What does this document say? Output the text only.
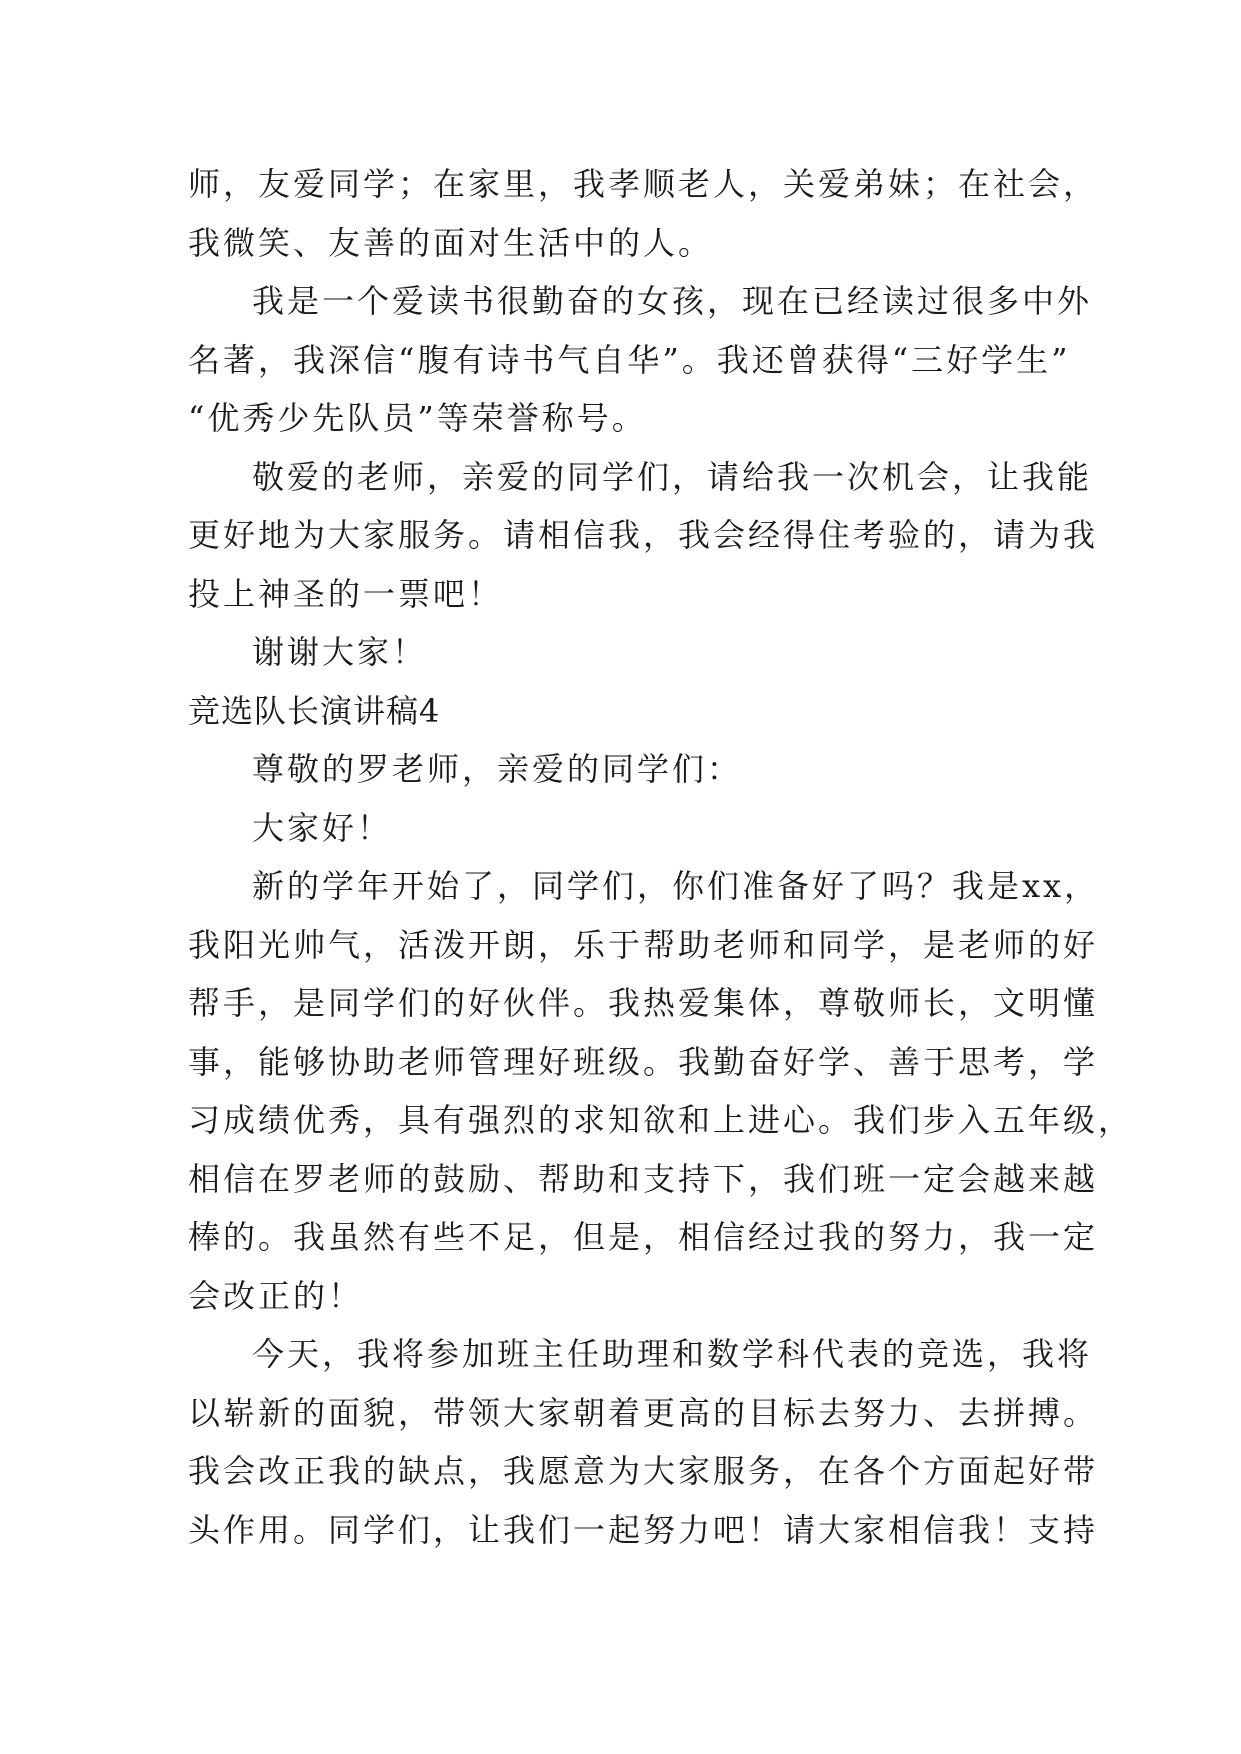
师，友爱同学；在家里，我孝顺老人，关爱弟妹；在社会，
我微笑、友善的面对生活中的人。
我是一个爱读书很勤奋的女孩，现在已经读过很多中外
名著，我深信“腹有诗书气自华”。我还曾获得“三好学生”
“优秀少先队员”等荣誉称号。
敬爱的老师，亲爱的同学们，请给我一次机会，让我能
更好地为大家服务。请相信我，我会经得住考验的，请为我
投上神圣的一票吧！
谢谢大家！
竞选队长演讲稿4
尊敬的罗老师，亲爱的同学们：
大家好！
新的学年开始了，同学们，你们准备好了吗？我是xx，
我阳光帅气，活泼开朗，乐于帮助老师和同学，是老师的好
帮手，是同学们的好伙伴。我热爱集体，尊敬师长，文明懂
事，能够协助老师管理好班级。我勤奋好学、善于思考，学
习成绩优秀，具有强烈的求知欲和上进心。我们步入五年级，
相信在罗老师的鼓励、帮助和支持下，我们班一定会越来越
棒的。我虽然有些不足，但是，相信经过我的努力，我一定
会改正的！
今天，我将参加班主任助理和数学科代表的竞选，我将
以崭新的面貌，带领大家朝着更高的目标去努力、去拼搏。
我会改正我的缺点，我愿意为大家服务，在各个方面起好带
头作用。同学们，让我们一起努力吧！请大家相信我！支持
